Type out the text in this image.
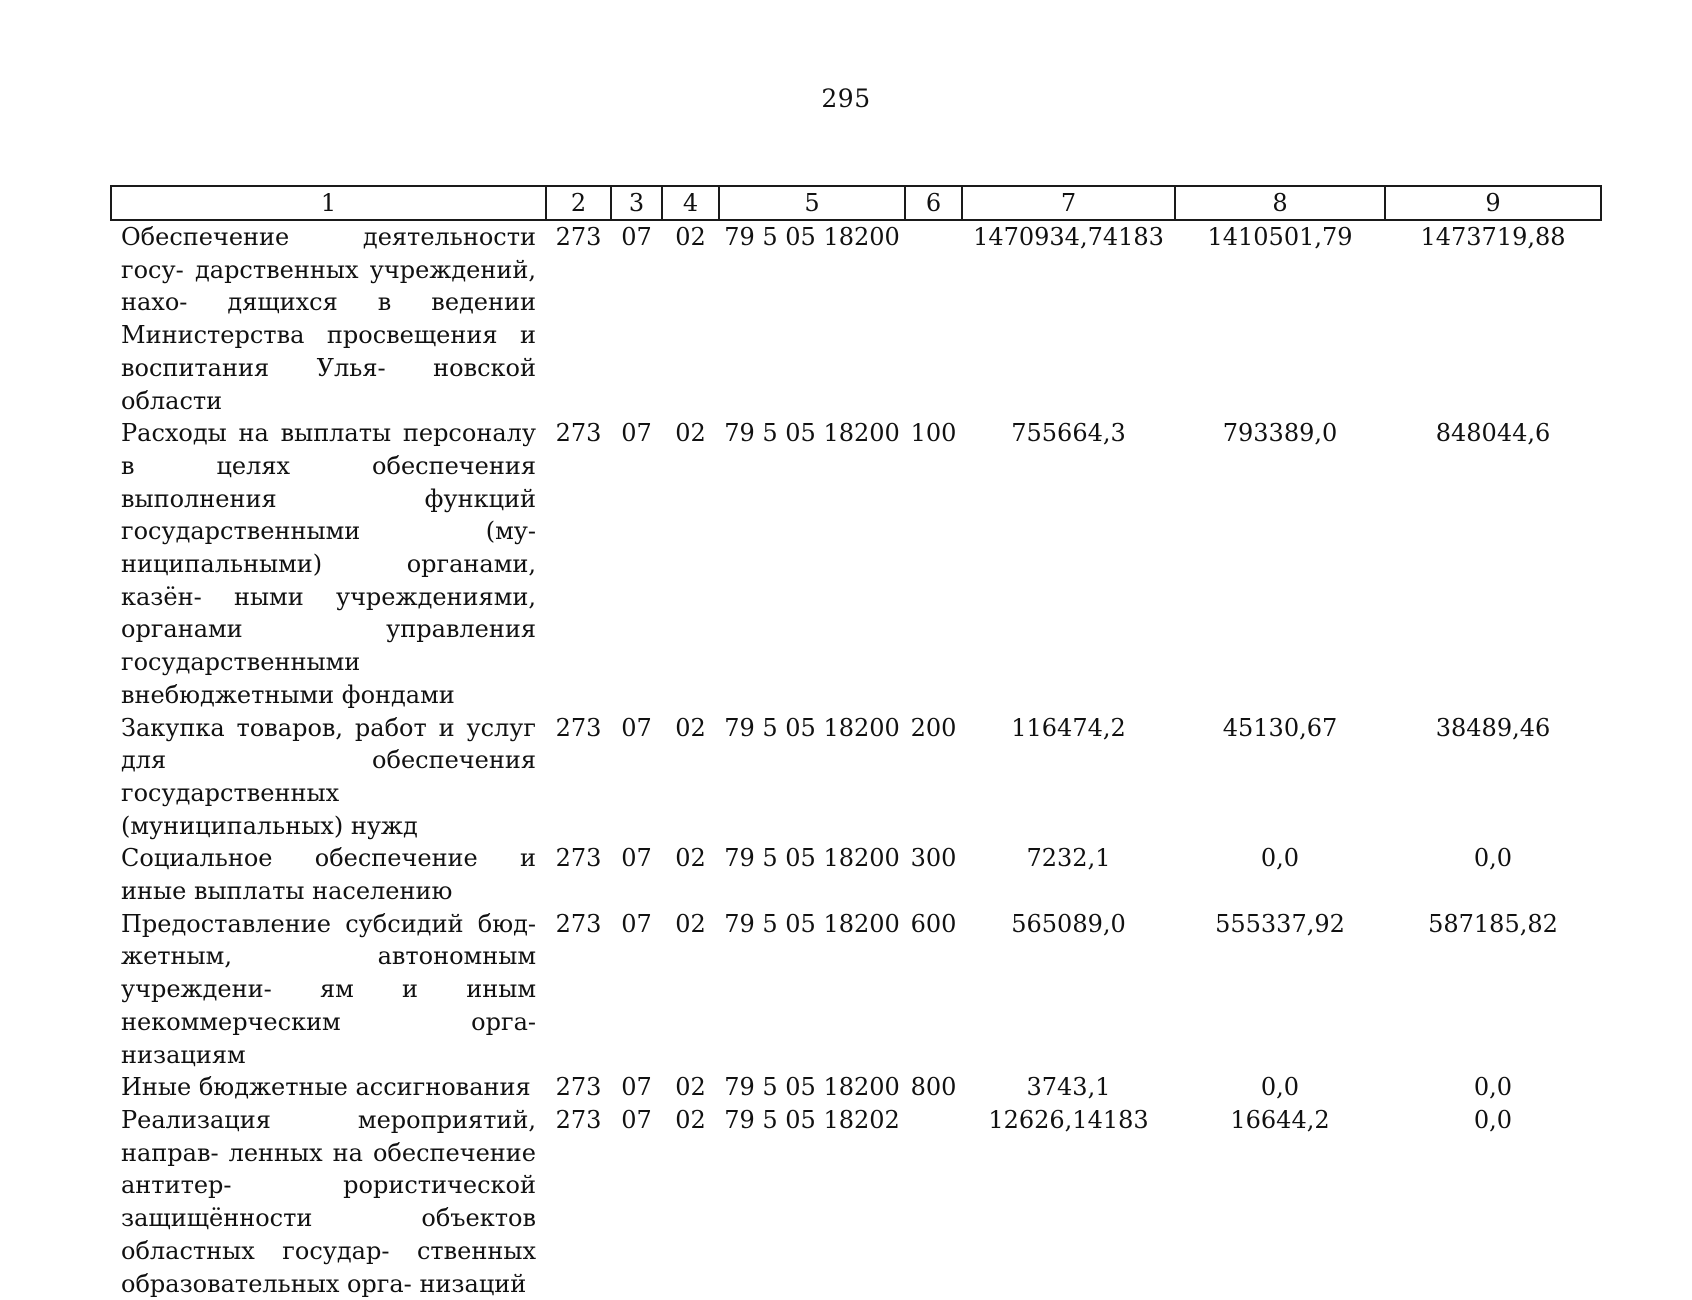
295
1	2	3	4	5	6	7	8	9
Обеспечение деятельности госу- дарственных учреждений, нахо- дящихся в ведении Министерства просвещения и воспитания Улья- новской области	273	07	02	79 5 05 18200		1470934,74183	1410501,79	1473719,88
Расходы на выплаты персоналу в целях обеспечения выполнения функций государственными (му- ниципальными) органами, казён- ными учреждениями, органами управления государственными внебюджетными фондами	273	07	02	79 5 05 18200	100	755664,3	793389,0	848044,6
Закупка товаров, работ и услуг для обеспечения государственных (муниципальных) нужд	273	07	02	79 5 05 18200	200	116474,2	45130,67	38489,46
Социальное обеспечение и иные выплаты населению	273	07	02	79 5 05 18200	300	7232,1	0,0	0,0
Предоставление субсидий бюд- жетным, автономным учреждени- ям и иным некоммерческим орга- низациям	273	07	02	79 5 05 18200	600	565089,0	555337,92	587185,82
Иные бюджетные ассигнования	273	07	02	79 5 05 18200	800	3743,1	0,0	0,0
Реализация мероприятий, направ- ленных на обеспечение антитер- рористической защищённости объектов областных государ- ственных образовательных орга- низаций	273	07	02	79 5 05 18202		12626,14183	16644,2	0,0
